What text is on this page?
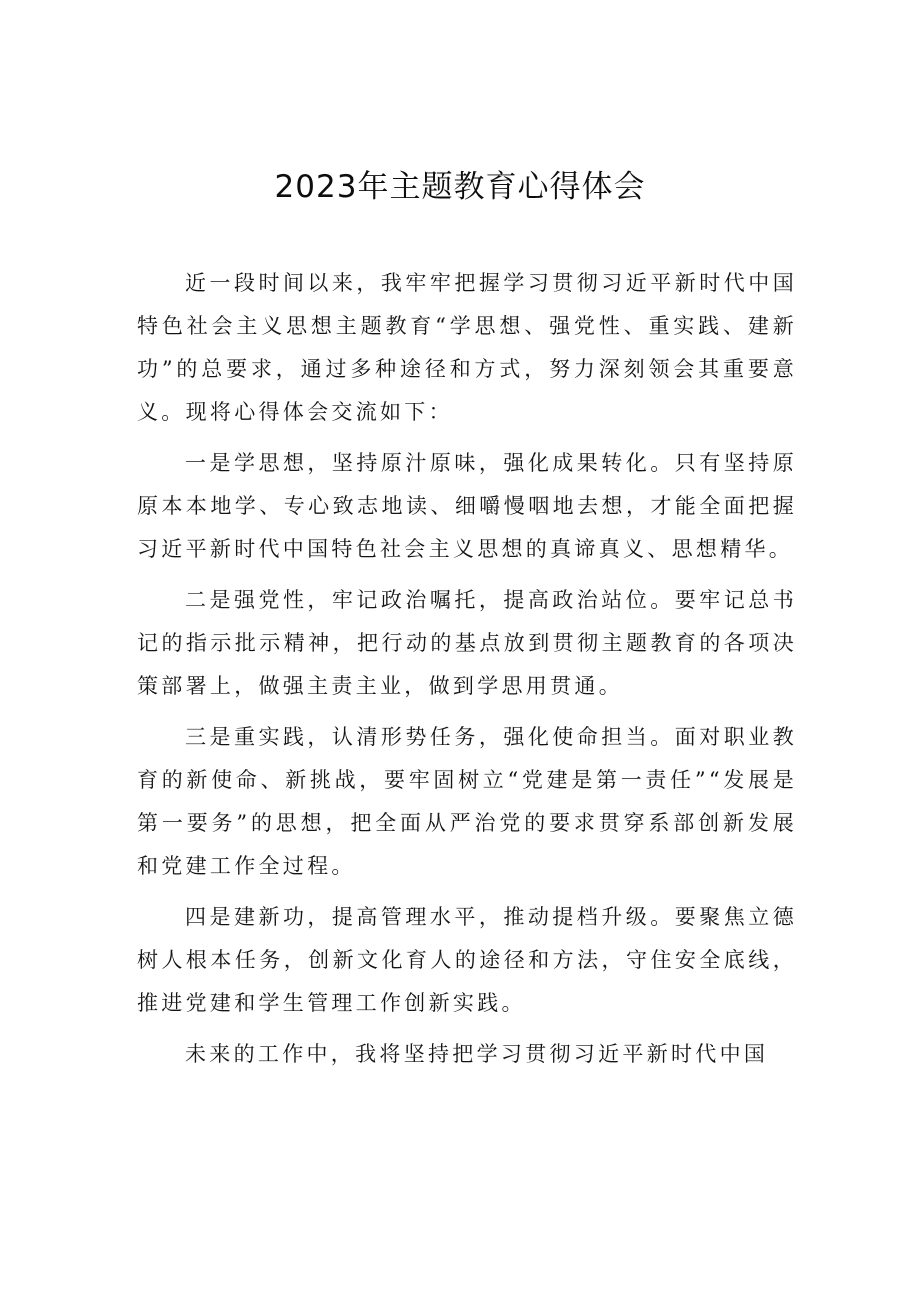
2023年主题教育心得体会

近一段时间以来，我牢牢把握学习贯彻习近平新时代中国特色社会主义思想主题教育“学思想、强党性、重实践、建新功”的总要求，通过多种途径和方式，努力深刻领会其重要意义。现将心得体会交流如下：

一是学思想，坚持原汁原味，强化成果转化。只有坚持原原本本地学、专心致志地读、细嚼慢咽地去想，才能全面把握习近平新时代中国特色社会主义思想的真谛真义、思想精华。

二是强党性，牢记政治嘱托，提高政治站位。要牢记总书记的指示批示精神，把行动的基点放到贯彻主题教育的各项决策部署上，做强主责主业，做到学思用贯通。

三是重实践，认清形势任务，强化使命担当。面对职业教育的新使命、新挑战，要牢固树立“党建是第一责任”“发展是第一要务”的思想，把全面从严治党的要求贯穿系部创新发展和党建工作全过程。

四是建新功，提高管理水平，推动提档升级。要聚焦立德树人根本任务，创新文化育人的途径和方法，守住安全底线，推进党建和学生管理工作创新实践。

未来的工作中，我将坚持把学习贯彻习近平新时代中国
